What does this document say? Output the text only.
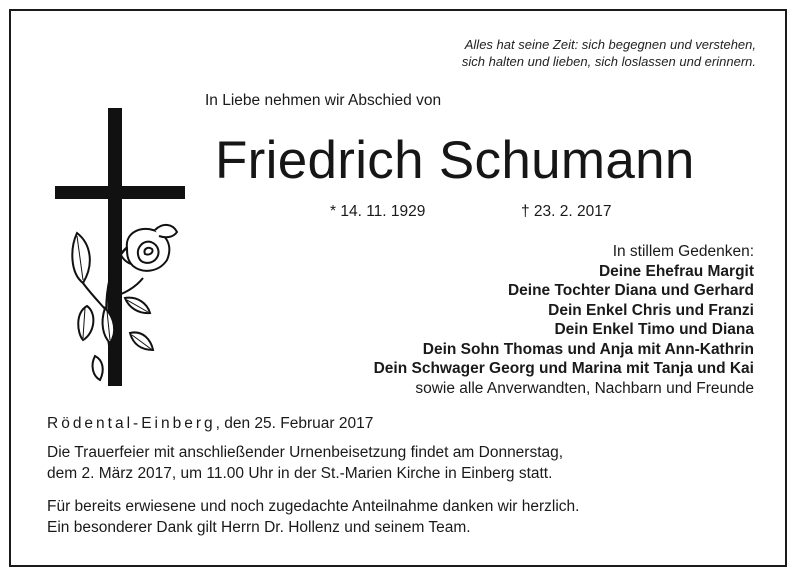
Alles hat seine Zeit: sich begegnen und verstehen,
sich halten und lieben, sich loslassen und erinnern.
In Liebe nehmen wir Abschied von
Friedrich Schumann
* 14. 11. 1929	† 23. 2. 2017
In stillem Gedenken:
Deine Ehefrau Margit
Deine Tochter Diana und Gerhard
Dein Enkel Chris und Franzi
Dein Enkel Timo und Diana
Dein Sohn Thomas und Anja mit Ann-Kathrin
Dein Schwager Georg und Marina mit Tanja und Kai
sowie alle Anverwandten, Nachbarn und Freunde
Rödental-Einberg, den 25. Februar 2017
Die Trauerfeier mit anschließender Urnenbeisetzung findet am Donnerstag,
dem 2. März 2017, um 11.00 Uhr in der St.-Marien Kirche in Einberg statt.
Für bereits erwiesene und noch zugedachte Anteilnahme danken wir herzlich.
Ein besonderer Dank gilt Herrn Dr. Hollenz und seinem Team.
